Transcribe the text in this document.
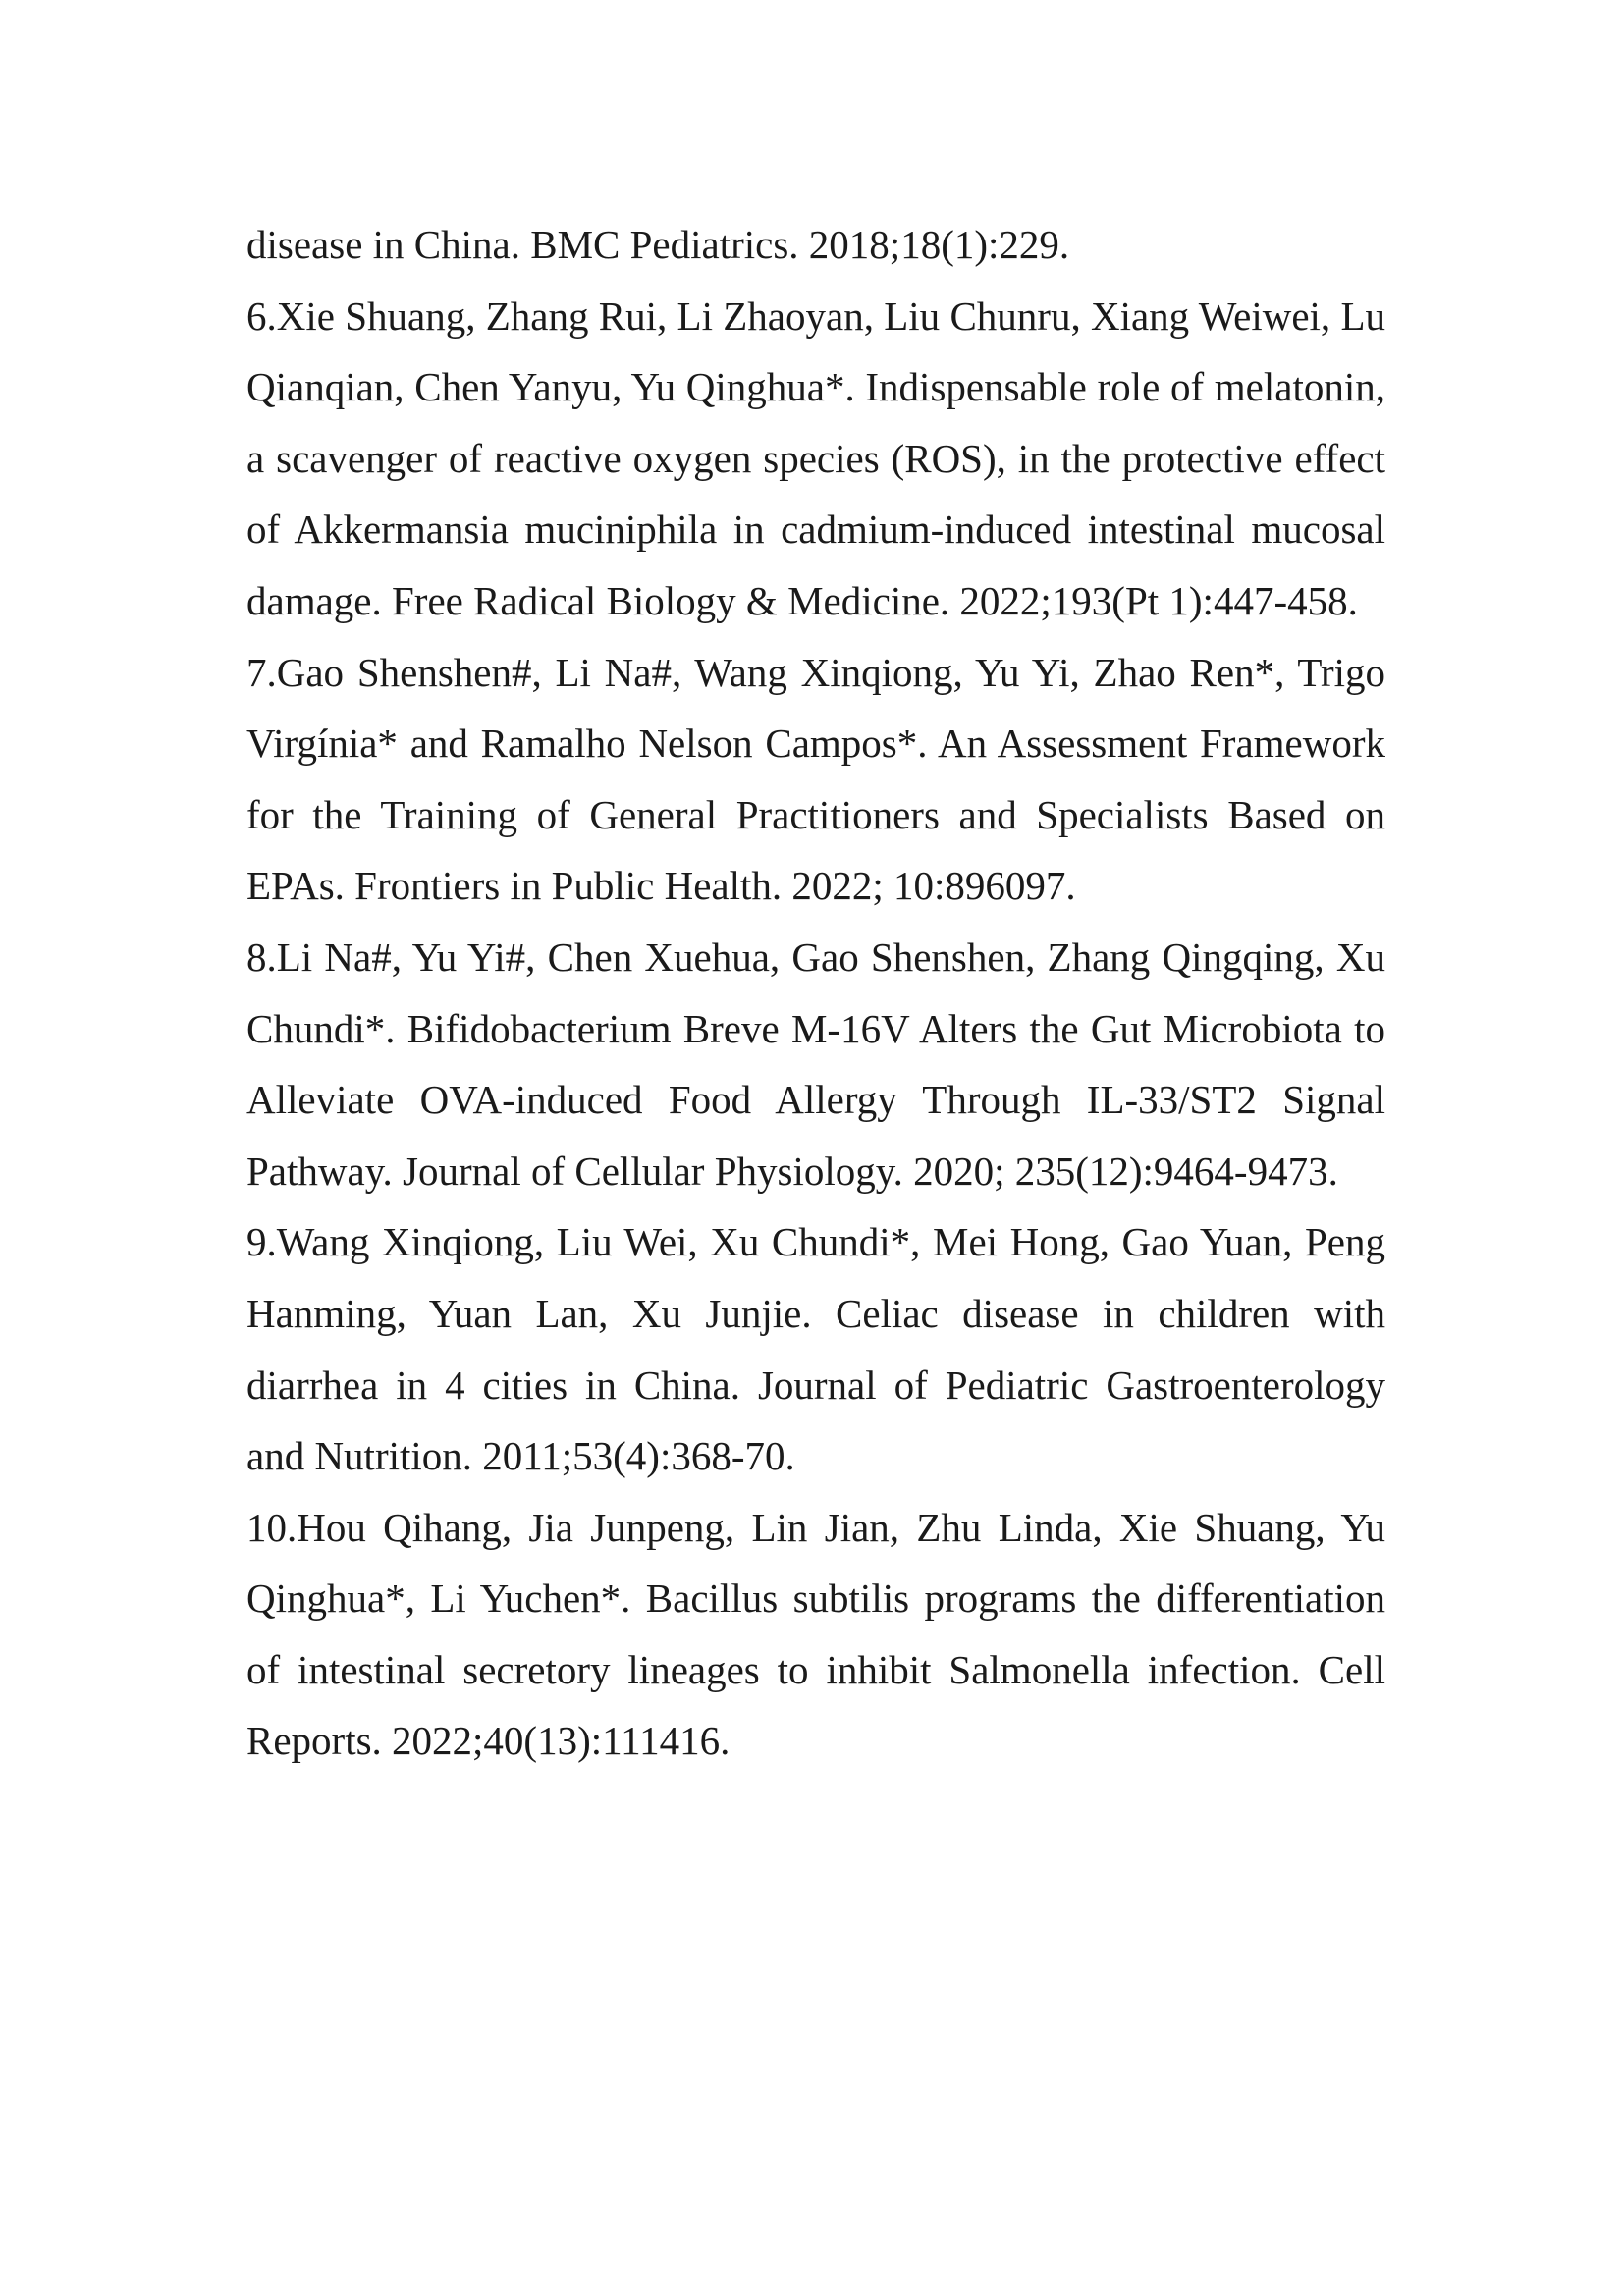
disease in China. BMC Pediatrics. 2018;18(1):229.

6.Xie Shuang, Zhang Rui, Li Zhaoyan, Liu Chunru, Xiang Weiwei, Lu Qianqian, Chen Yanyu, Yu Qinghua*. Indispensable role of melatonin, a scavenger of reactive oxygen species (ROS), in the protective effect of Akkermansia muciniphila in cadmium-induced intestinal mucosal damage. Free Radical Biology & Medicine. 2022;193(Pt 1):447-458.

7.Gao Shenshen#, Li Na#, Wang Xinqiong, Yu Yi, Zhao Ren*, Trigo Virgínia* and Ramalho Nelson Campos*. An Assessment Framework for the Training of General Practitioners and Specialists Based on EPAs. Frontiers in Public Health. 2022; 10:896097.

8.Li Na#, Yu Yi#, Chen Xuehua, Gao Shenshen, Zhang Qingqing, Xu Chundi*. Bifidobacterium Breve M-16V Alters the Gut Microbiota to Alleviate OVA-induced Food Allergy Through IL-33/ST2 Signal Pathway. Journal of Cellular Physiology. 2020; 235(12):9464-9473.

9.Wang Xinqiong, Liu Wei, Xu Chundi*, Mei Hong, Gao Yuan, Peng Hanming, Yuan Lan, Xu Junjie. Celiac disease in children with diarrhea in 4 cities in China. Journal of Pediatric Gastroenterology and Nutrition. 2011;53(4):368-70.

10.Hou Qihang, Jia Junpeng, Lin Jian, Zhu Linda, Xie Shuang, Yu Qinghua*, Li Yuchen*. Bacillus subtilis programs the differentiation of intestinal secretory lineages to inhibit Salmonella infection. Cell Reports. 2022;40(13):111416.
